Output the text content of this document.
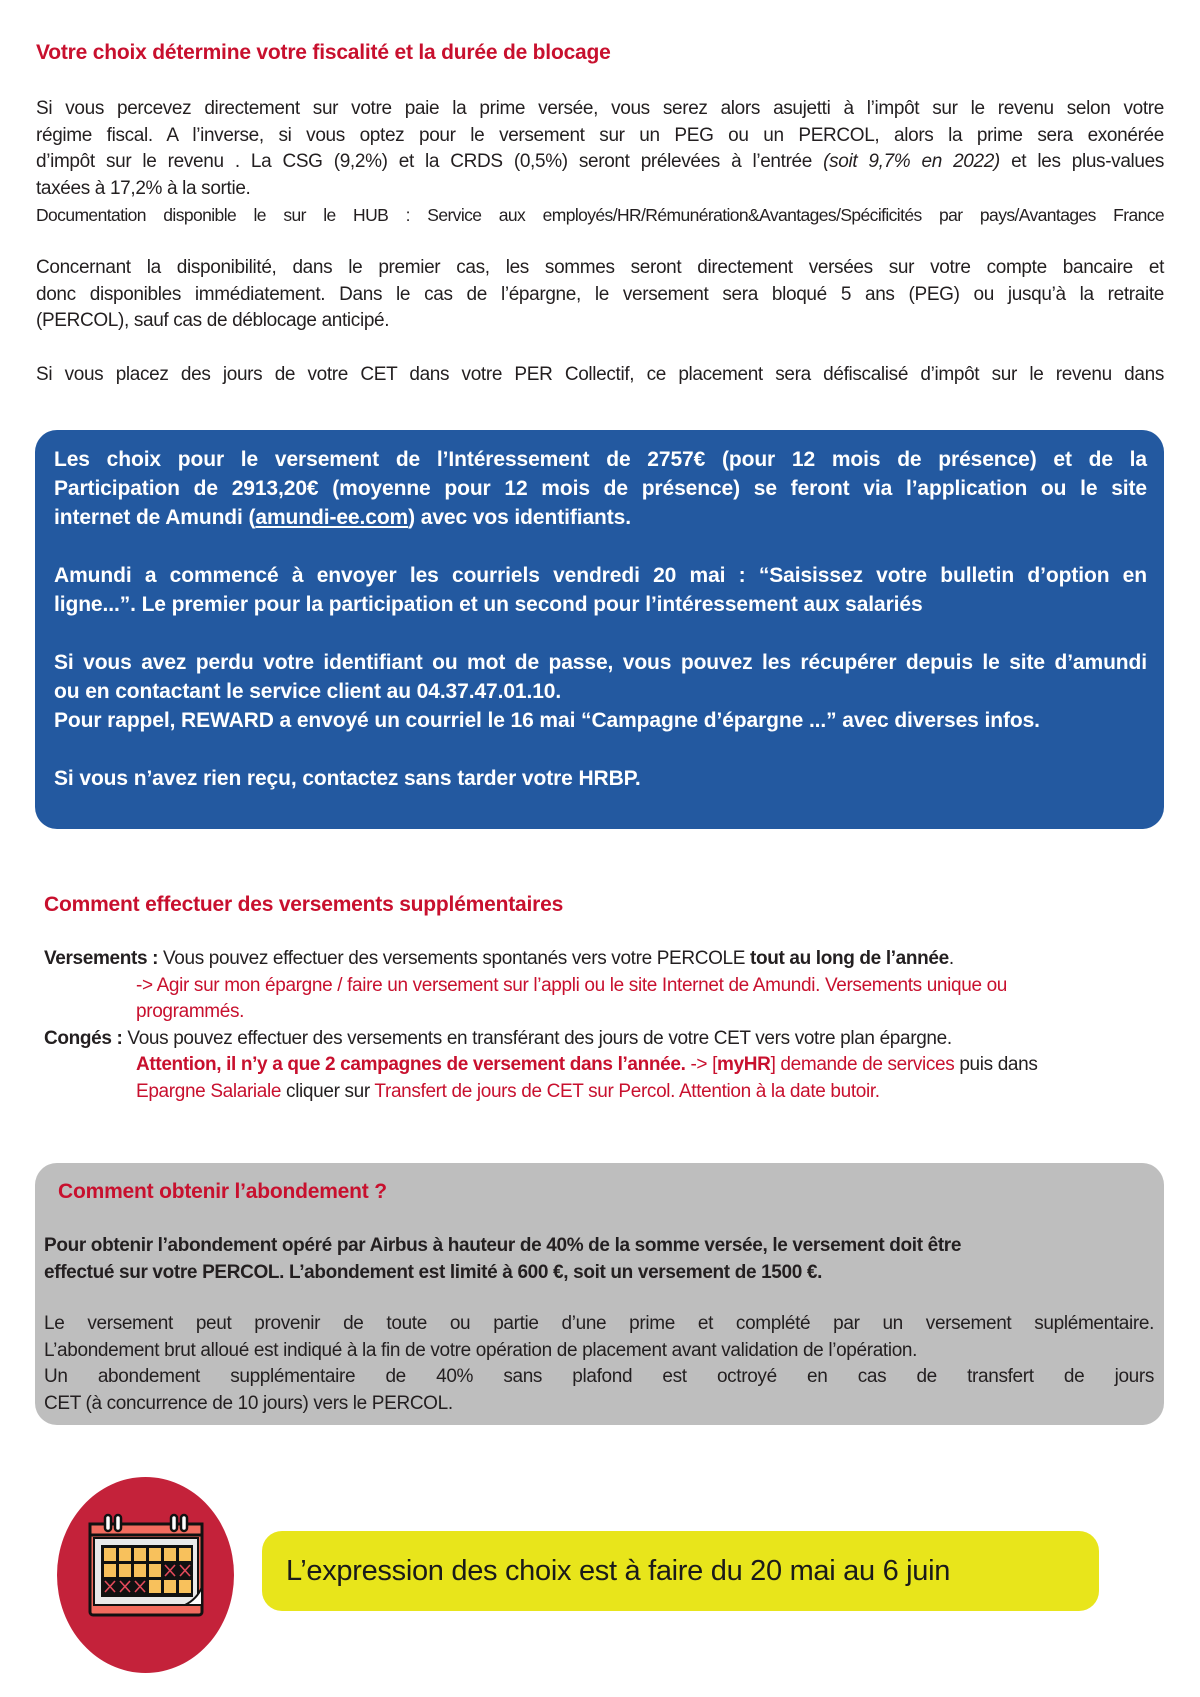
Votre choix détermine votre fiscalité et la durée de blocage
Si vous percevez directement sur votre paie la prime versée, vous serez alors asujetti à l’impôt sur le revenu selon votre
régime fiscal. A l’inverse, si vous optez pour le versement sur un PEG ou un PERCOL, alors la prime sera exonérée
d’impôt sur le revenu . La CSG (9,2%) et la CRDS (0,5%) seront prélevées à l’entrée (soit 9,7% en 2022) et les plus-values
taxées à 17,2% à la sortie.
Documentation disponible le sur le HUB : Service aux employés/HR/Rémunération&Avantages/Spécificités par pays/Avantages France
Concernant la disponibilité, dans le premier cas, les sommes seront directement versées sur votre compte bancaire et
donc disponibles immédiatement. Dans le cas de l’épargne, le versement sera bloqué 5 ans (PEG) ou jusqu’à la retraite
(PERCOL), sauf cas de déblocage anticipé.
Si vous placez des jours de votre CET dans votre PER Collectif, ce placement sera défiscalisé d’impôt sur le revenu dans
Les choix pour le versement de l’Intéressement de 2757€ (pour 12 mois de présence) et de la
Participation de 2913,20€ (moyenne pour 12 mois de présence) se feront via l’application ou le site
internet de Amundi (amundi-ee.com) avec vos identifiants.
Amundi a commencé à envoyer les courriels vendredi 20 mai : “Saisissez votre bulletin d’option en
ligne...”. Le premier pour la participation et un second pour l’intéressement aux salariés
Si vous avez perdu votre identifiant ou mot de passe, vous pouvez les récupérer depuis le site d’amundi
ou en contactant le service client au 04.37.47.01.10.
Pour rappel, REWARD a envoyé un courriel le 16 mai “Campagne d’épargne ...” avec diverses infos.
Si vous n’avez rien reçu, contactez sans tarder votre HRBP.
Comment effectuer des versements supplémentaires
Versements : Vous pouvez effectuer des versements spontanés vers votre PERCOLE tout au long de l’année.
-> Agir sur mon épargne / faire un versement sur l’appli ou le site Internet de Amundi. Versements unique ou
programmés.
Congés : Vous pouvez effectuer des versements en transférant des jours de votre CET vers votre plan épargne.
Attention, il n’y a que 2 campagnes de versement dans l’année. -> [myHR] demande de services puis dans
Epargne Salariale cliquer sur Transfert de jours de CET sur Percol. Attention à la date butoir.
Comment obtenir l’abondement ?
Pour obtenir l’abondement opéré par Airbus à hauteur de 40% de la somme versée, le versement doit être
effectué sur votre PERCOL. L’abondement est limité à 600 €, soit un versement de 1500 €.
Le versement peut provenir de toute ou partie d’une prime et complété par un versement suplémentaire.
L’abondement brut alloué est indiqué à la fin de votre opération de placement avant validation de l’opération.
Un abondement supplémentaire de 40% sans plafond est octroyé en cas de transfert de jours
CET (à concurrence de 10 jours) vers le PERCOL.
L’expression des choix est à faire du 20 mai au 6 juin
